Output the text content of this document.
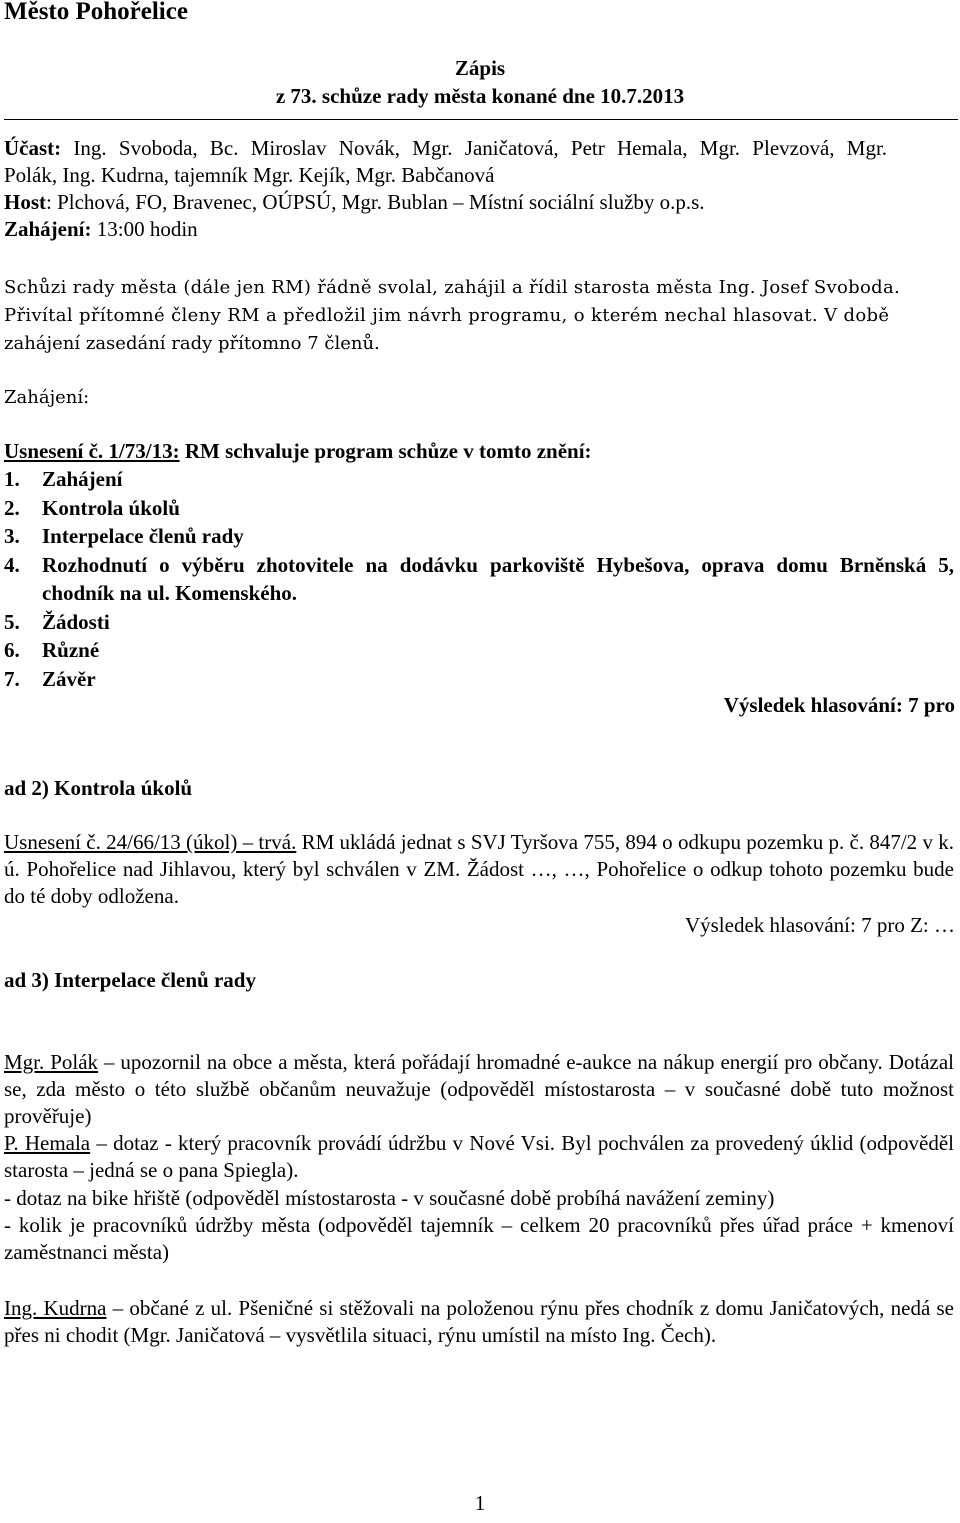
Město Pohořelice
Zápis
z 73. schůze rady města konané dne 10.7.2013
Účast: Ing. Svoboda, Bc. Miroslav Novák, Mgr. Janičatová, Petr Hemala, Mgr. Plevzová, Mgr.
Polák, Ing. Kudrna, tajemník Mgr. Kejík, Mgr. Babčanová
Host: Plchová, FO, Bravenec, OÚPSÚ, Mgr. Bublan – Místní sociální služby o.p.s.
Zahájení: 13:00 hodin
Schůzi rady města (dále jen RM) řádně svolal, zahájil a řídil starosta města Ing. Josef Svoboda.
Přivítal přítomné členy RM a předložil jim návrh programu, o kterém nechal hlasovat. V době
zahájení zasedání rady přítomno 7 členů.
Zahájení:
Usnesení č. 1/73/13: RM schvaluje program schůze v tomto znění:
1. Zahájení
2. Kontrola úkolů
3. Interpelace členů rady
4. Rozhodnutí o výběru zhotovitele na dodávku parkoviště Hybešova, oprava domu Brněnská 5, chodník na ul. Komenského.
5. Žádosti
6. Různé
7. Závěr
Výsledek hlasování: 7 pro
ad 2) Kontrola úkolů
Usnesení č. 24/66/13 (úkol) – trvá. RM ukládá jednat s SVJ Tyršova 755, 894 o odkupu pozemku p. č. 847/2 v k. ú. Pohořelice nad Jihlavou, který byl schválen v ZM. Žádost …, …, Pohořelice o odkup tohoto pozemku bude do té doby odložena.
Výsledek hlasování: 7 pro Z: …
ad 3) Interpelace členů rady
Mgr. Polák – upozornil na obce a města, která pořádají hromadné e-aukce na nákup energií pro občany. Dotázal se, zda město o této službě občanům neuvažuje (odpověděl místostarosta – v současné době tuto možnost prověřuje)
P. Hemala – dotaz - který pracovník provádí údržbu v Nové Vsi. Byl pochválen za provedený úklid (odpověděl starosta – jedná se o pana Spiegla).
- dotaz na bike hřiště (odpověděl místostarosta - v současné době probíhá navážení zeminy)
- kolik je pracovníků údržby města (odpověděl tajemník – celkem 20 pracovníků přes úřad práce + kmenoví zaměstnanci města)
Ing. Kudrna – občané z ul. Pšeničné si stěžovali na položenou rýnu přes chodník z domu Janičatových, nedá se přes ni chodit (Mgr. Janičatová – vysvětlila situaci, rýnu umístil na místo Ing. Čech).
1
